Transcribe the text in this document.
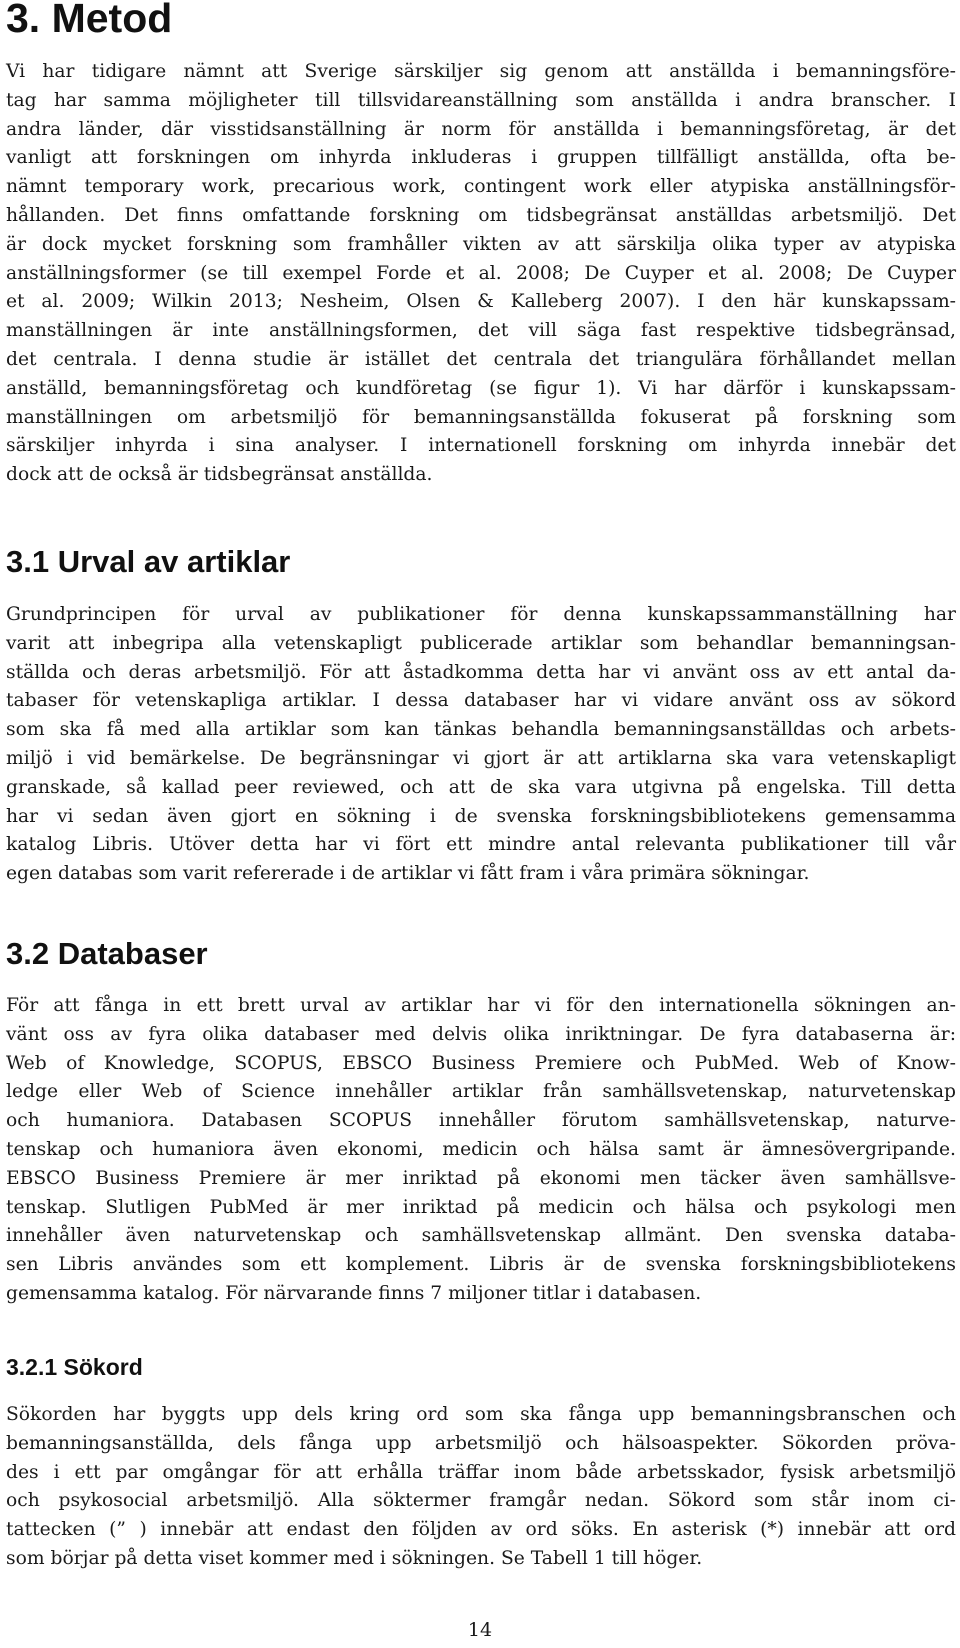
3. Metod
Vi har tidigare nämnt att Sverige särskiljer sig genom att anställda i bemanningsföre-
tag har samma möjligheter till tillsvidareanställning som anställda i andra branscher. I
andra länder, där visstidsanställning är norm för anställda i bemanningsföretag, är det
vanligt att forskningen om inhyrda inkluderas i gruppen tillfälligt anställda, ofta be-
nämnt temporary work, precarious work, contingent work eller atypiska anställningsför-
hållanden. Det finns omfattande forskning om tidsbegränsat anställdas arbetsmiljö. Det
är dock mycket forskning som framhåller vikten av att särskilja olika typer av atypiska
anställningsformer (se till exempel Forde et al. 2008; De Cuyper et al. 2008; De Cuyper
et al. 2009; Wilkin 2013; Nesheim, Olsen & Kalleberg 2007). I den här kunskapssam-
manställningen är inte anställningsformen, det vill säga fast respektive tidsbegränsad,
det centrala. I denna studie är istället det centrala det triangulära förhållandet mellan
anställd, bemanningsföretag och kundföretag (se figur 1). Vi har därför i kunskapssam-
manställningen om arbetsmiljö för bemanningsanställda fokuserat på forskning som
särskiljer inhyrda i sina analyser. I internationell forskning om inhyrda innebär det
dock att de också är tidsbegränsat anställda.
3.1 Urval av artiklar
Grundprincipen för urval av publikationer för denna kunskapssammanställning har
varit att inbegripa alla vetenskapligt publicerade artiklar som behandlar bemanningsan-
ställda och deras arbetsmiljö. För att åstadkomma detta har vi använt oss av ett antal da-
tabaser för vetenskapliga artiklar. I dessa databaser har vi vidare använt oss av sökord
som ska få med alla artiklar som kan tänkas behandla bemanningsanställdas och arbets-
miljö i vid bemärkelse. De begränsningar vi gjort är att artiklarna ska vara vetenskapligt
granskade, så kallad peer reviewed, och att de ska vara utgivna på engelska. Till detta
har vi sedan även gjort en sökning i de svenska forskningsbibliotekens gemensamma
katalog Libris. Utöver detta har vi fört ett mindre antal relevanta publikationer till vår
egen databas som varit refererade i de artiklar vi fått fram i våra primära sökningar.
3.2 Databaser
För att fånga in ett brett urval av artiklar har vi för den internationella sökningen an-
vänt oss av fyra olika databaser med delvis olika inriktningar. De fyra databaserna är:
Web of Knowledge, SCOPUS, EBSCO Business Premiere och PubMed. Web of Know-
ledge eller Web of Science innehåller artiklar från samhällsvetenskap, naturvetenskap
och humaniora. Databasen SCOPUS innehåller förutom samhällsvetenskap, naturve-
tenskap och humaniora även ekonomi, medicin och hälsa samt är ämnesövergripande.
EBSCO Business Premiere är mer inriktad på ekonomi men täcker även samhällsve-
tenskap. Slutligen PubMed är mer inriktad på medicin och hälsa och psykologi men
innehåller även naturvetenskap och samhällsvetenskap allmänt. Den svenska databa-
sen Libris användes som ett komplement. Libris är de svenska forskningsbibliotekens
gemensamma katalog. För närvarande finns 7 miljoner titlar i databasen.
3.2.1 Sökord
Sökorden har byggts upp dels kring ord som ska fånga upp bemanningsbranschen och
bemanningsanställda, dels fånga upp arbetsmiljö och hälsoaspekter. Sökorden pröva-
des i ett par omgångar för att erhålla träffar inom både arbetsskador, fysisk arbetsmiljö
och psykosocial arbetsmiljö. Alla söktermer framgår nedan. Sökord som står inom ci-
tattecken (” ) innebär att endast den följden av ord söks. En asterisk (*) innebär att ord
som börjar på detta viset kommer med i sökningen. Se Tabell 1 till höger.
14
